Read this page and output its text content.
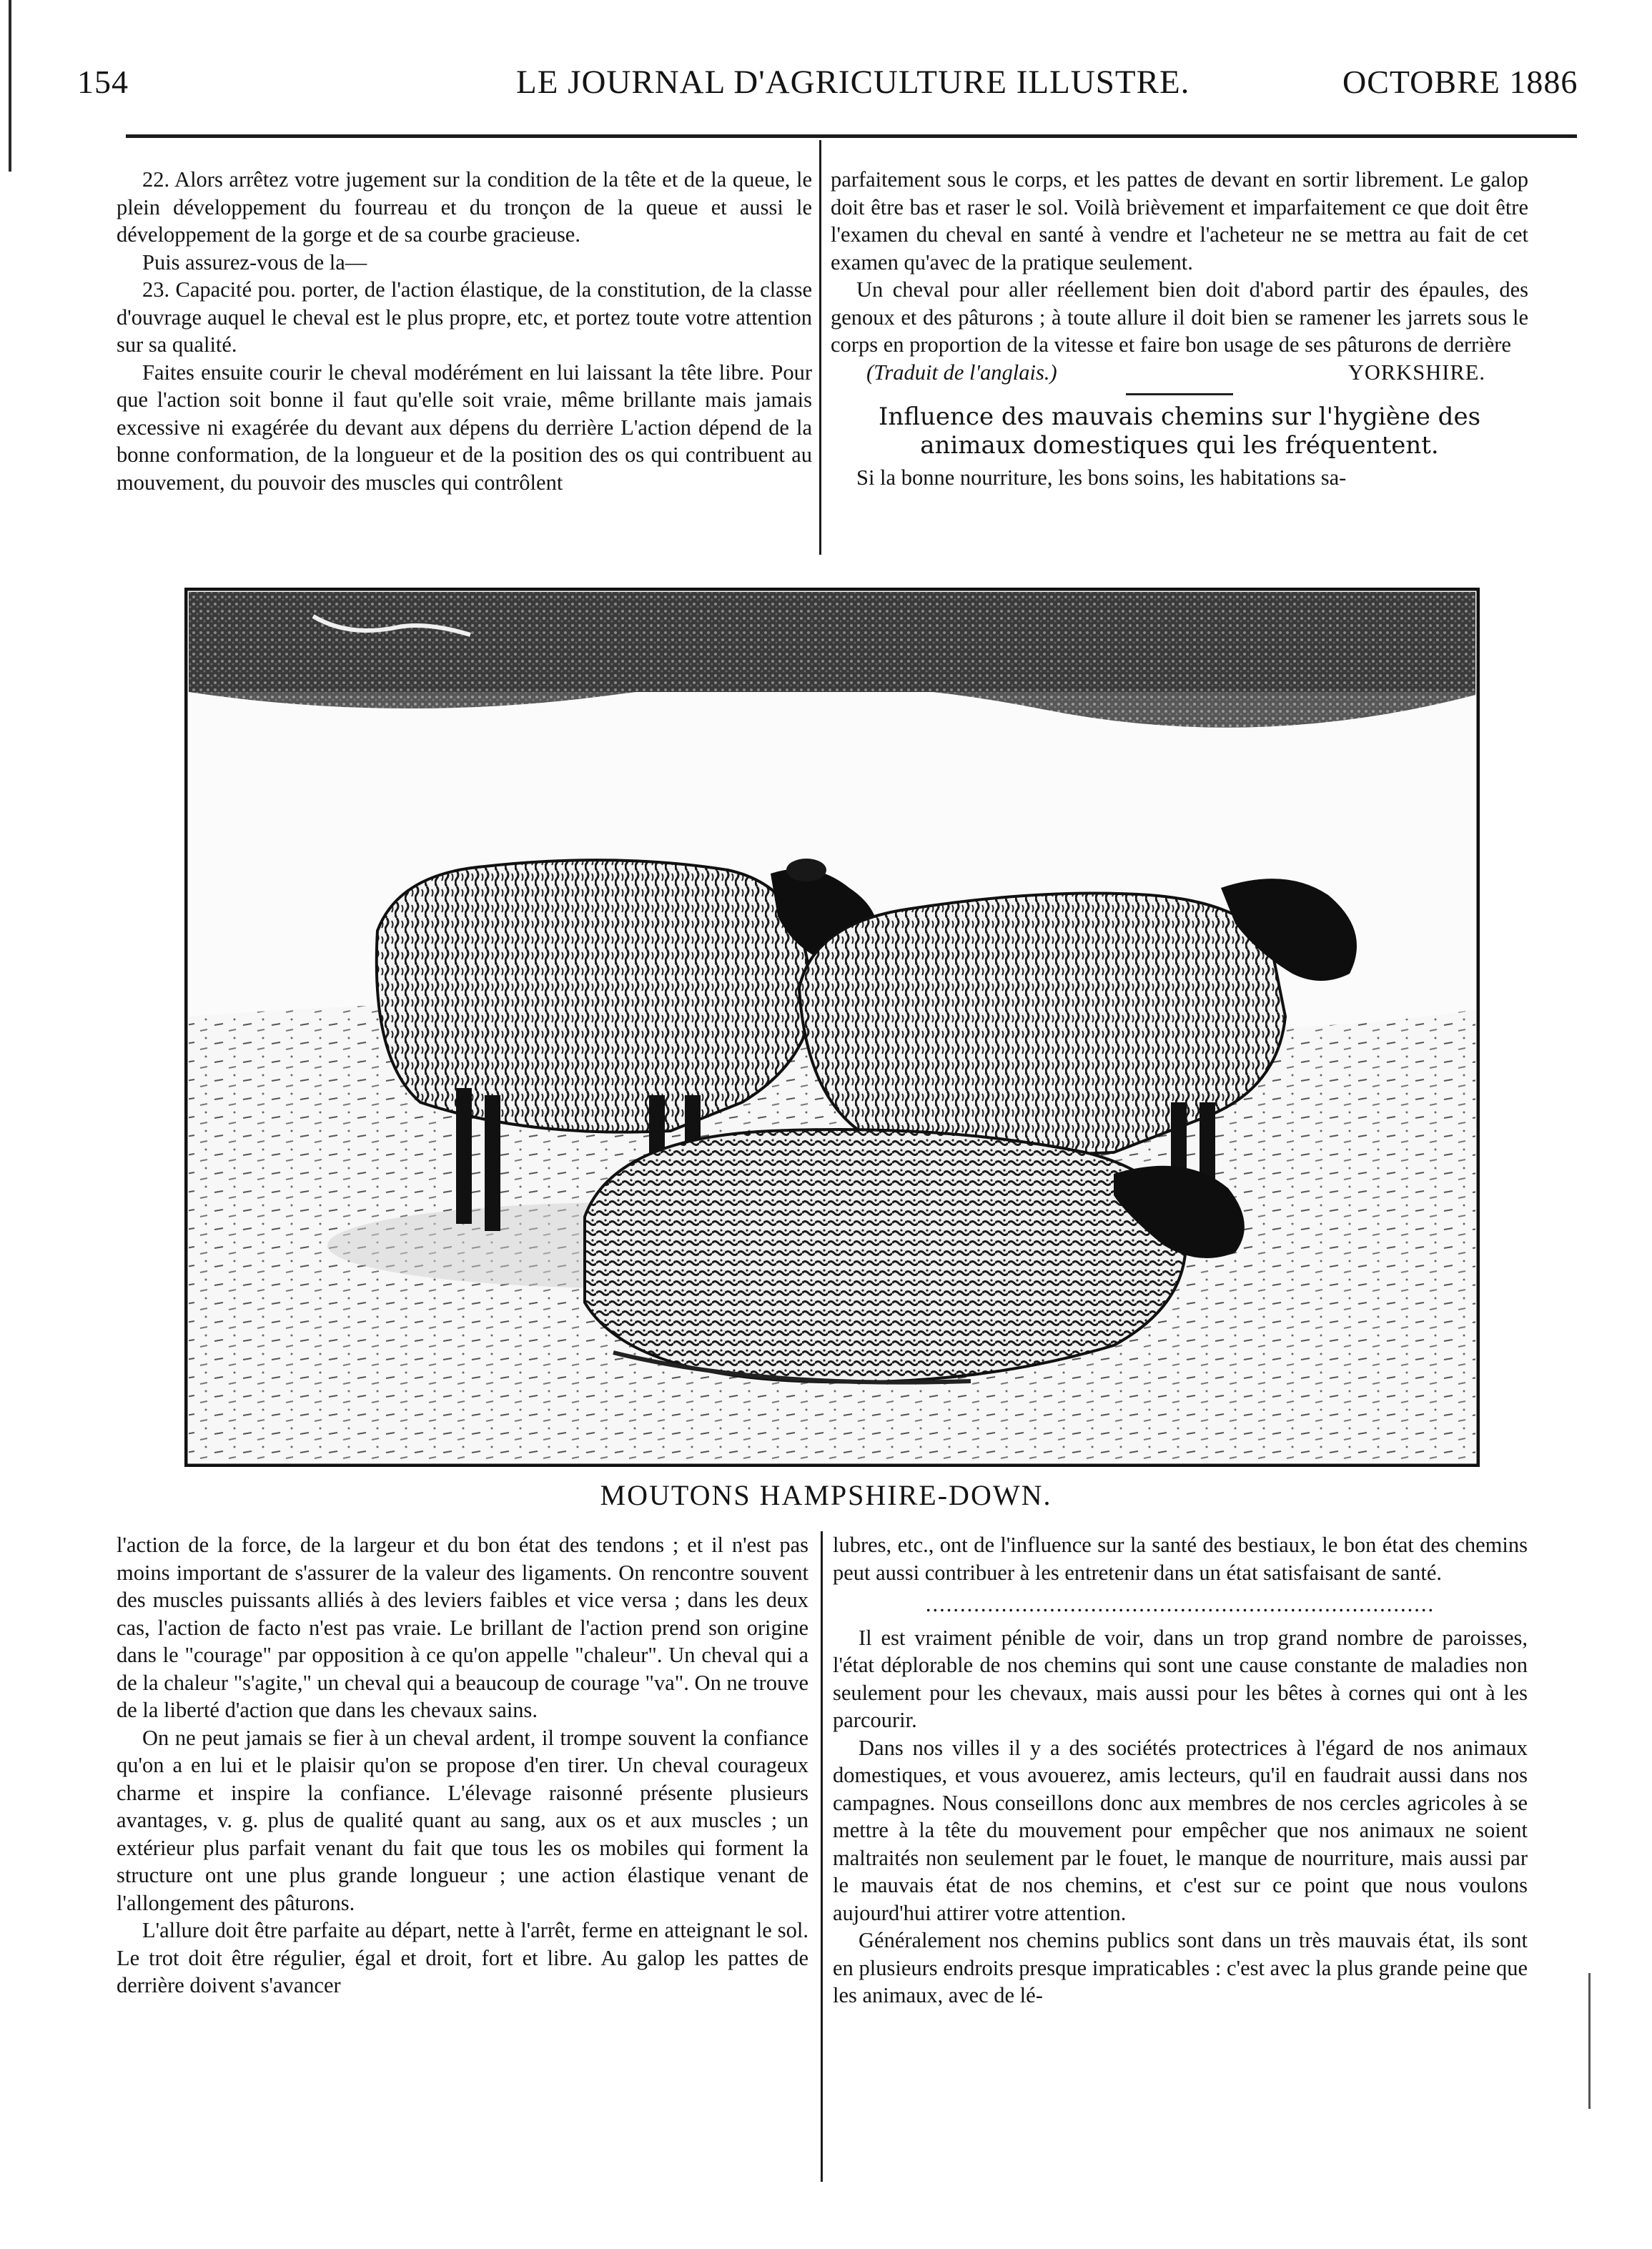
154	LE JOURNAL D'AGRICULTURE ILLUSTRE.	OCTOBRE 1886

22. Alors arrêtez votre jugement sur la condition de la tête et de la queue, le plein développement du fourreau et du tronçon de la queue et aussi le développement de la gorge et de sa courbe gracieuse.

Puis assurez-vous de la—

23. Capacité pou. porter, de l'action élastique, de la constitution, de la classe d'ouvrage auquel le cheval est le plus propre, etc, et portez toute votre attention sur sa qualité.

Faites ensuite courir le cheval modérément en lui laissant la tête libre. Pour que l'action soit bonne il faut qu'elle soit vraie, même brillante mais jamais excessive ni exagérée du devant aux dépens du derrière L'action dépend de la bonne conformation, de la longueur et de la position des os qui contribuent au mouvement, du pouvoir des muscles qui contrôlent

parfaitement sous le corps, et les pattes de devant en sortir librement. Le galop doit être bas et raser le sol. Voilà brièvement et imparfaitement ce que doit être l'examen du cheval en santé à vendre et l'acheteur ne se mettra au fait de cet examen qu'avec de la pratique seulement.

Un cheval pour aller réellement bien doit d'abord partir des épaules, des genoux et des pâturons ; à toute allure il doit bien se ramener les jarrets sous le corps en proportion de la vitesse et faire bon usage de ses pâturons de derrière

(Traduit de l'anglais.)	YORKSHIRE.
Influence des mauvais chemins sur l'hygiène des animaux domestiques qui les fréquentent.

Si la bonne nourriture, les bons soins, les habitations sa-

MOUTONS HAMPSHIRE-DOWN.

l'action de la force, de la largeur et du bon état des tendons ; et il n'est pas moins important de s'assurer de la valeur des ligaments. On rencontre souvent des muscles puissants alliés à des leviers faibles et vice versa ; dans les deux cas, l'action de facto n'est pas vraie. Le brillant de l'action prend son origine dans le "courage" par opposition à ce qu'on appelle "chaleur". Un cheval qui a de la chaleur "s'agite," un cheval qui a beaucoup de courage "va". On ne trouve de la liberté d'action que dans les chevaux sains.

On ne peut jamais se fier à un cheval ardent, il trompe souvent la confiance qu'on a en lui et le plaisir qu'on se propose d'en tirer. Un cheval courageux charme et inspire la confiance. L'élevage raisonné présente plusieurs avantages, v. g. plus de qualité quant au sang, aux os et aux muscles ; un extérieur plus parfait venant du fait que tous les os mobiles qui forment la structure ont une plus grande longueur ; une action élastique venant de l'allongement des pâturons.

L'allure doit être parfaite au départ, nette à l'arrêt, ferme en atteignant le sol. Le trot doit être régulier, égal et droit, fort et libre. Au galop les pattes de derrière doivent s'avancer

lubres, etc., ont de l'influence sur la santé des bestiaux, le bon état des chemins peut aussi contribuer à les entretenir dans un état satisfaisant de santé.

..........................................................................

Il est vraiment pénible de voir, dans un trop grand nombre de paroisses, l'état déplorable de nos chemins qui sont une cause constante de maladies non seulement pour les chevaux, mais aussi pour les bêtes à cornes qui ont à les parcourir.

Dans nos villes il y a des sociétés protectrices à l'égard de nos animaux domestiques, et vous avouerez, amis lecteurs, qu'il en faudrait aussi dans nos campagnes. Nous conseillons donc aux membres de nos cercles agricoles à se mettre à la tête du mouvement pour empêcher que nos animaux ne soient maltraités non seulement par le fouet, le manque de nourriture, mais aussi par le mauvais état de nos chemins, et c'est sur ce point que nous voulons aujourd'hui attirer votre attention.

Généralement nos chemins publics sont dans un très mauvais état, ils sont en plusieurs endroits presque impraticables : c'est avec la plus grande peine que les animaux, avec de lé-
